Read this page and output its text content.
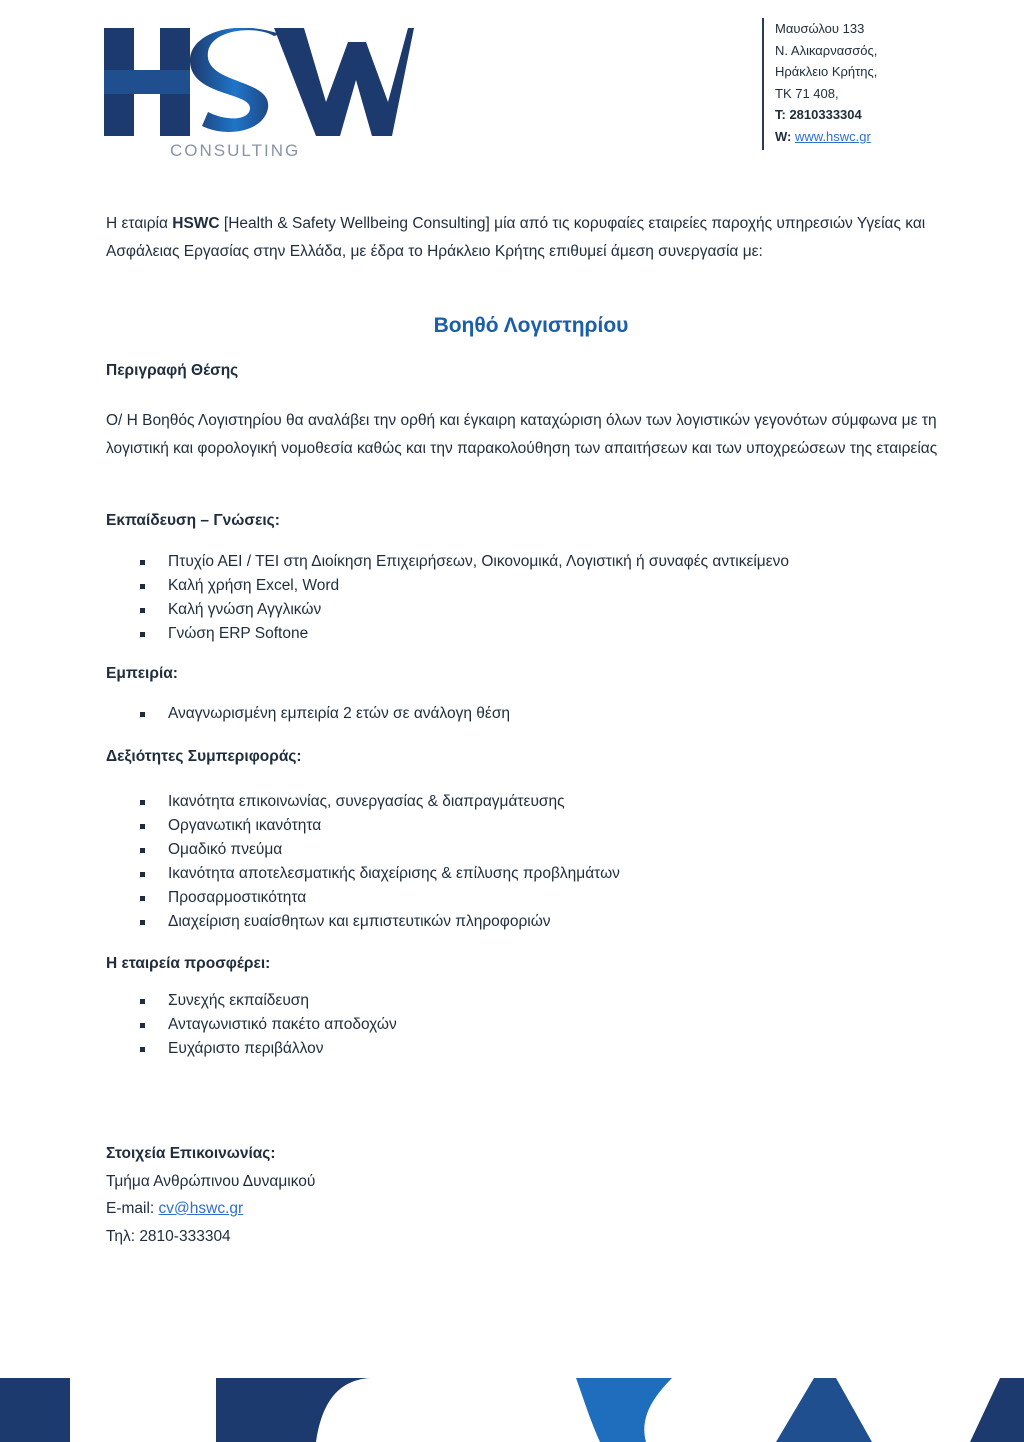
CONSULTING
Μαυσώλου 133
Ν. Αλικαρνασσός,
Ηράκλειο Κρήτης,
ΤΚ 71 408,
T: 2810333304
W: www.hswc.gr
Η εταιρία HSWC [Health & Safety Wellbeing Consulting] μία από τις κορυφαίες εταιρείες παροχής υπηρεσιών Υγείας και Ασφάλειας Εργασίας στην Ελλάδα, με έδρα το Ηράκλειο Κρήτης επιθυμεί άμεση συνεργασία με:
Βοηθό Λογιστηρίου
Περιγραφή Θέσης
Ο/ Η Βοηθός Λογιστηρίου θα αναλάβει την ορθή και έγκαιρη καταχώριση όλων των λογιστικών γεγονότων σύμφωνα με τη λογιστική και φορολογική νομοθεσία καθώς και την παρακολούθηση των απαιτήσεων και των υποχρεώσεων της εταιρείας
Εκπαίδευση – Γνώσεις:
Πτυχίο ΑΕΙ / ΤΕΙ στη Διοίκηση Επιχειρήσεων, Οικονομικά, Λογιστική ή συναφές αντικείμενο
Καλή χρήση Excel, Word
Καλή γνώση Αγγλικών
Γνώση ERP Softone
Εμπειρία:
Αναγνωρισμένη εμπειρία 2 ετών σε ανάλογη θέση
Δεξιότητες Συμπεριφοράς:
Ικανότητα επικοινωνίας, συνεργασίας & διαπραγμάτευσης
Οργανωτική ικανότητα
Ομαδικό πνεύμα
Ικανότητα αποτελεσματικής διαχείρισης & επίλυσης προβλημάτων
Προσαρμοστικότητα
Διαχείριση ευαίσθητων και εμπιστευτικών πληροφοριών
Η εταιρεία προσφέρει:
Συνεχής εκπαίδευση
Ανταγωνιστικό πακέτο αποδοχών
Ευχάριστο περιβάλλον
Στοιχεία Επικοινωνίας:
Τμήμα Ανθρώπινου Δυναμικού
E-mail: cv@hswc.gr
Τηλ: 2810-333304
